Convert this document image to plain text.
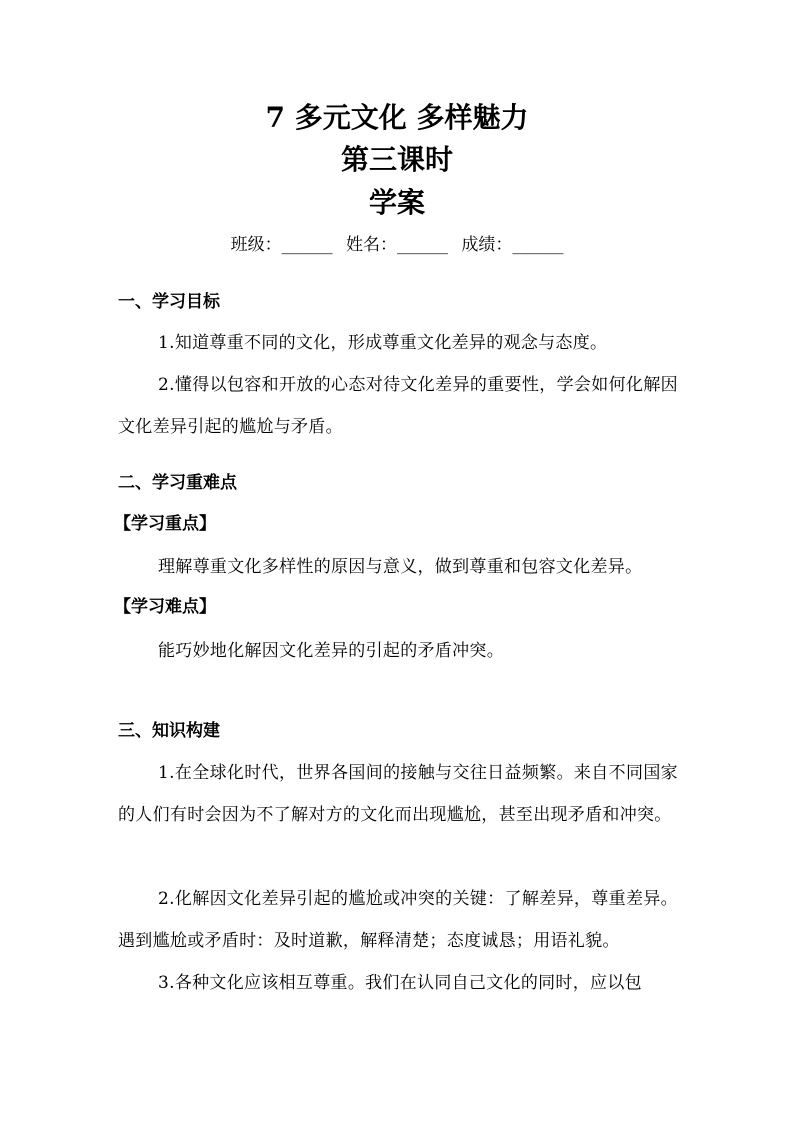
7 多元文化 多样魅力
第三课时
学案
班级：______ 姓名：______ 成绩：______
一、学习目标
1.知道尊重不同的文化，形成尊重文化差异的观念与态度。
2.懂得以包容和开放的心态对待文化差异的重要性，学会如何化解因文化差异引起的尴尬与矛盾。
二、学习重难点
【学习重点】
理解尊重文化多样性的原因与意义，做到尊重和包容文化差异。
【学习难点】
能巧妙地化解因文化差异的引起的矛盾冲突。
三、知识构建
1.在全球化时代，世界各国间的接触与交往日益频繁。来自不同国家的人们有时会因为不了解对方的文化而出现尴尬，甚至出现矛盾和冲突。
2.化解因文化差异引起的尴尬或冲突的关键：了解差异，尊重差异。遇到尴尬或矛盾时：及时道歉，解释清楚；态度诚恳；用语礼貌。
3.各种文化应该相互尊重。我们在认同自己文化的同时，应以包
